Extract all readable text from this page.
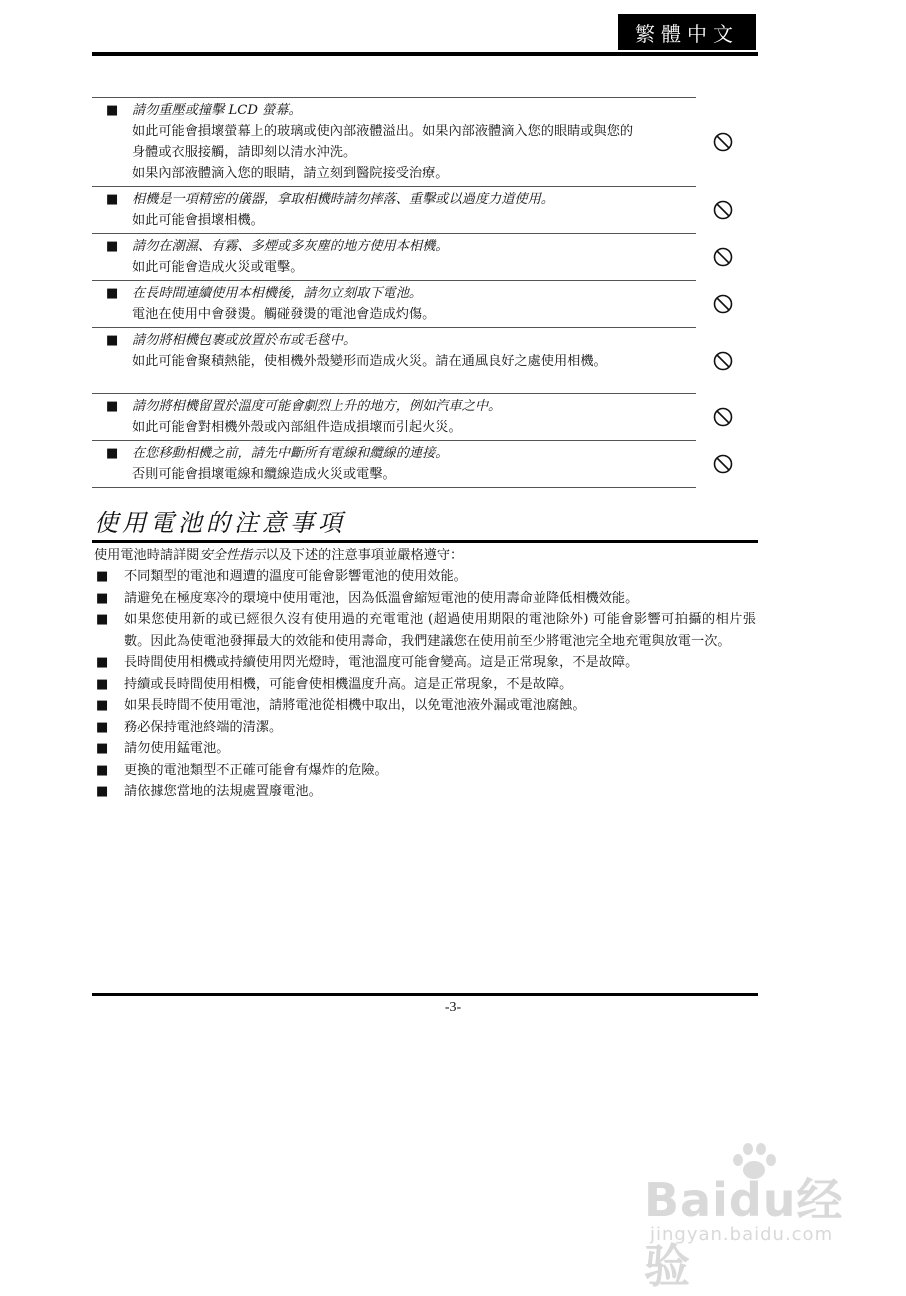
繁體中文
■ 請勿重壓或撞擊 LCD 螢幕。
如此可能會損壞螢幕上的玻璃或使內部液體溢出。如果內部液體滴入您的眼睛或與您的身體或衣服接觸，請即刻以清水沖洗。
如果內部液體滴入您的眼睛，請立刻到醫院接受治療。
■ 相機是一項精密的儀器，拿取相機時請勿摔落、重擊或以過度力道使用。
如此可能會損壞相機。
■ 請勿在潮濕、有霧、多煙或多灰塵的地方使用本相機。
如此可能會造成火災或電擊。
■ 在長時間連續使用本相機後，請勿立刻取下電池。
電池在使用中會發燙。觸碰發燙的電池會造成灼傷。
■ 請勿將相機包裹或放置於布或毛毯中。
如此可能會聚積熱能，使相機外殼變形而造成火災。請在通風良好之處使用相機。
■ 請勿將相機留置於溫度可能會劇烈上升的地方，例如汽車之中。
如此可能會對相機外殼或內部組件造成損壞而引起火災。
■ 在您移動相機之前，請先中斷所有電線和纜線的連接。
否則可能會損壞電線和纜線造成火災或電擊。
使用電池的注意事項
使用電池時請詳閱安全性指示以及下述的注意事項並嚴格遵守：
■ 不同類型的電池和週遭的溫度可能會影響電池的使用效能。
■ 請避免在極度寒冷的環境中使用電池，因為低溫會縮短電池的使用壽命並降低相機效能。
■ 如果您使用新的或已經很久沒有使用過的充電電池 (超過使用期限的電池除外) 可能會影響可拍攝的相片張數。因此為使電池發揮最大的效能和使用壽命，我們建議您在使用前至少將電池完全地充電與放電一次。
■ 長時間使用相機或持續使用閃光燈時，電池溫度可能會變高。這是正常現象，不是故障。
■ 持續或長時間使用相機，可能會使相機溫度升高。這是正常現象，不是故障。
■ 如果長時間不使用電池，請將電池從相機中取出，以免電池液外漏或電池腐蝕。
■ 務必保持電池終端的清潔。
■ 請勿使用錳電池。
■ 更換的電池類型不正確可能會有爆炸的危險。
■ 請依據您當地的法規處置廢電池。
-3-
Baidu经验
jingyan.baidu.com
